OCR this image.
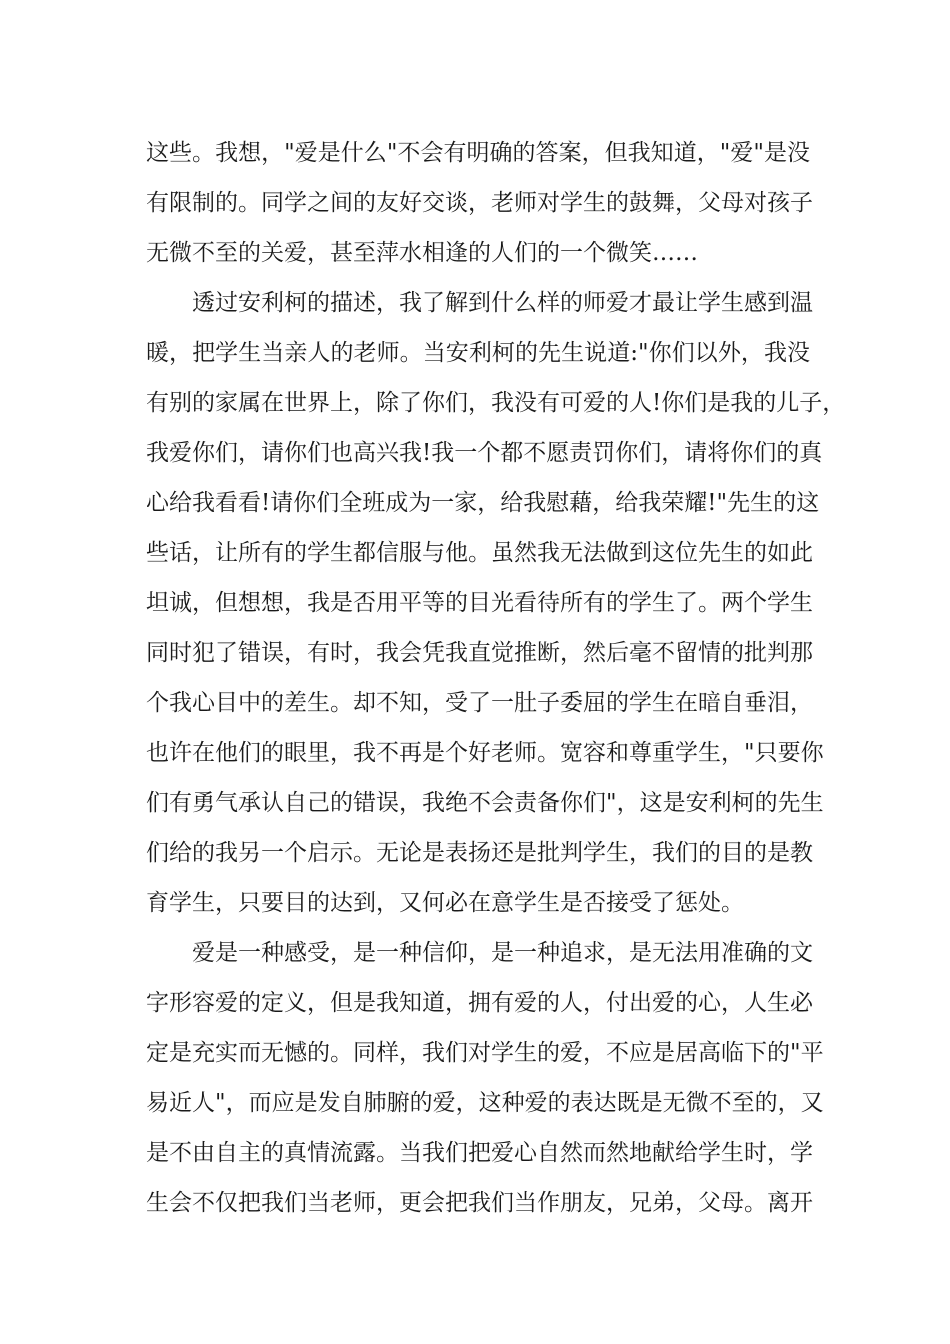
这些。我想，"爱是什么"不会有明确的答案，但我知道，"爱"是没
有限制的。同学之间的友好交谈，老师对学生的鼓舞，父母对孩子
无微不至的关爱，甚至萍水相逢的人们的一个微笑……
透过安利柯的描述，我了解到什么样的师爱才最让学生感到温
暖，把学生当亲人的老师。当安利柯的先生说道:"你们以外，我没
有别的家属在世界上，除了你们，我没有可爱的人!你们是我的儿子，
我爱你们，请你们也高兴我!我一个都不愿责罚你们，请将你们的真
心给我看看!请你们全班成为一家，给我慰藉，给我荣耀!"先生的这
些话，让所有的学生都信服与他。虽然我无法做到这位先生的如此
坦诚，但想想，我是否用平等的目光看待所有的学生了。两个学生
同时犯了错误，有时，我会凭我直觉推断，然后毫不留情的批判那
个我心目中的差生。却不知，受了一肚子委屈的学生在暗自垂泪，
也许在他们的眼里，我不再是个好老师。宽容和尊重学生，"只要你
们有勇气承认自己的错误，我绝不会责备你们"，这是安利柯的先生
们给的我另一个启示。无论是表扬还是批判学生，我们的目的是教
育学生，只要目的达到，又何必在意学生是否接受了惩处。
爱是一种感受，是一种信仰，是一种追求，是无法用准确的文
字形容爱的定义，但是我知道，拥有爱的人，付出爱的心，人生必
定是充实而无憾的。同样，我们对学生的爱，不应是居高临下的"平
易近人"，而应是发自肺腑的爱，这种爱的表达既是无微不至的，又
是不由自主的真情流露。当我们把爱心自然而然地献给学生时，学
生会不仅把我们当老师，更会把我们当作朋友，兄弟，父母。离开
